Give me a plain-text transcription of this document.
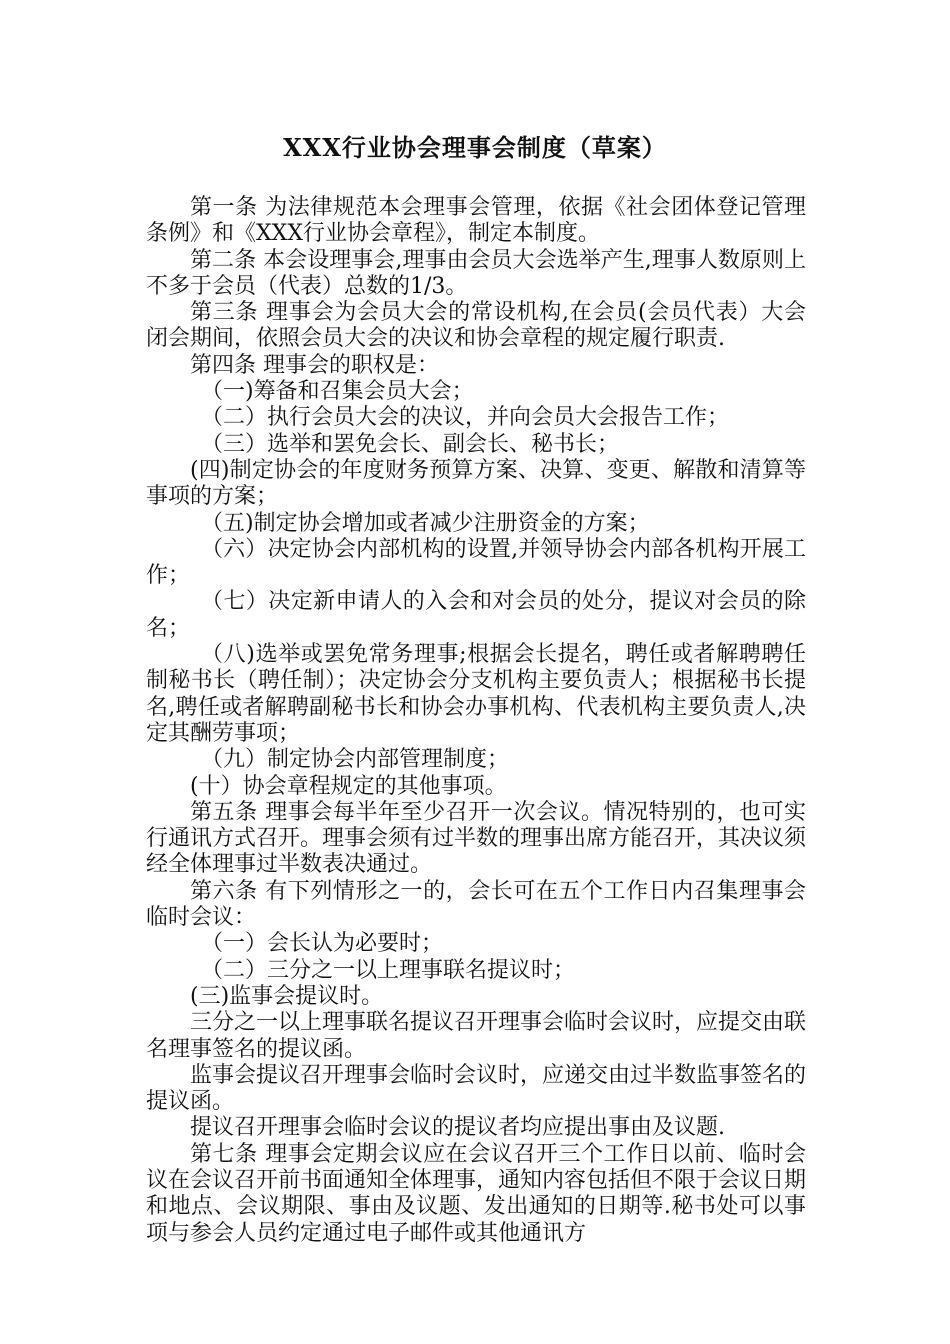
XXX行业协会理事会制度（草案）

第一条 为法律规范本会理事会管理，依据《社会团体登记管理条例》和《XXX行业协会章程》，制定本制度。

第二条 本会设理事会,理事由会员大会选举产生,理事人数原则上不多于会员（代表）总数的1/3。

第三条 理事会为会员大会的常设机构,在会员(会员代表）大会闭会期间，依照会员大会的决议和协会章程的规定履行职责.

第四条 理事会的职权是：

（一)筹备和召集会员大会；

（二）执行会员大会的决议，并向会员大会报告工作；

（三）选举和罢免会长、副会长、秘书长；

(四)制定协会的年度财务预算方案、决算、变更、解散和清算等事项的方案；

（五)制定协会增加或者减少注册资金的方案；

（六）决定协会内部机构的设置,并领导协会内部各机构开展工作；

（七）决定新申请人的入会和对会员的处分，提议对会员的除名；

（八)选举或罢免常务理事;根据会长提名，聘任或者解聘聘任制秘书长（聘任制）；决定协会分支机构主要负责人；根据秘书长提名,聘任或者解聘副秘书长和协会办事机构、代表机构主要负责人,决定其酬劳事项；

（九）制定协会内部管理制度；

(十）协会章程规定的其他事项。

第五条 理事会每半年至少召开一次会议。情况特别的，也可实行通讯方式召开。理事会须有过半数的理事出席方能召开，其决议须经全体理事过半数表决通过。

第六条 有下列情形之一的，会长可在五个工作日内召集理事会临时会议：

（一）会长认为必要时；

（二）三分之一以上理事联名提议时；

(三)监事会提议时。

三分之一以上理事联名提议召开理事会临时会议时，应提交由联名理事签名的提议函。

监事会提议召开理事会临时会议时，应递交由过半数监事签名的提议函。

提议召开理事会临时会议的提议者均应提出事由及议题.

第七条 理事会定期会议应在会议召开三个工作日以前、临时会议在会议召开前书面通知全体理事，通知内容包括但不限于会议日期和地点、会议期限、事由及议题、发出通知的日期等.秘书处可以事项与参会人员约定通过电子邮件或其他通讯方
